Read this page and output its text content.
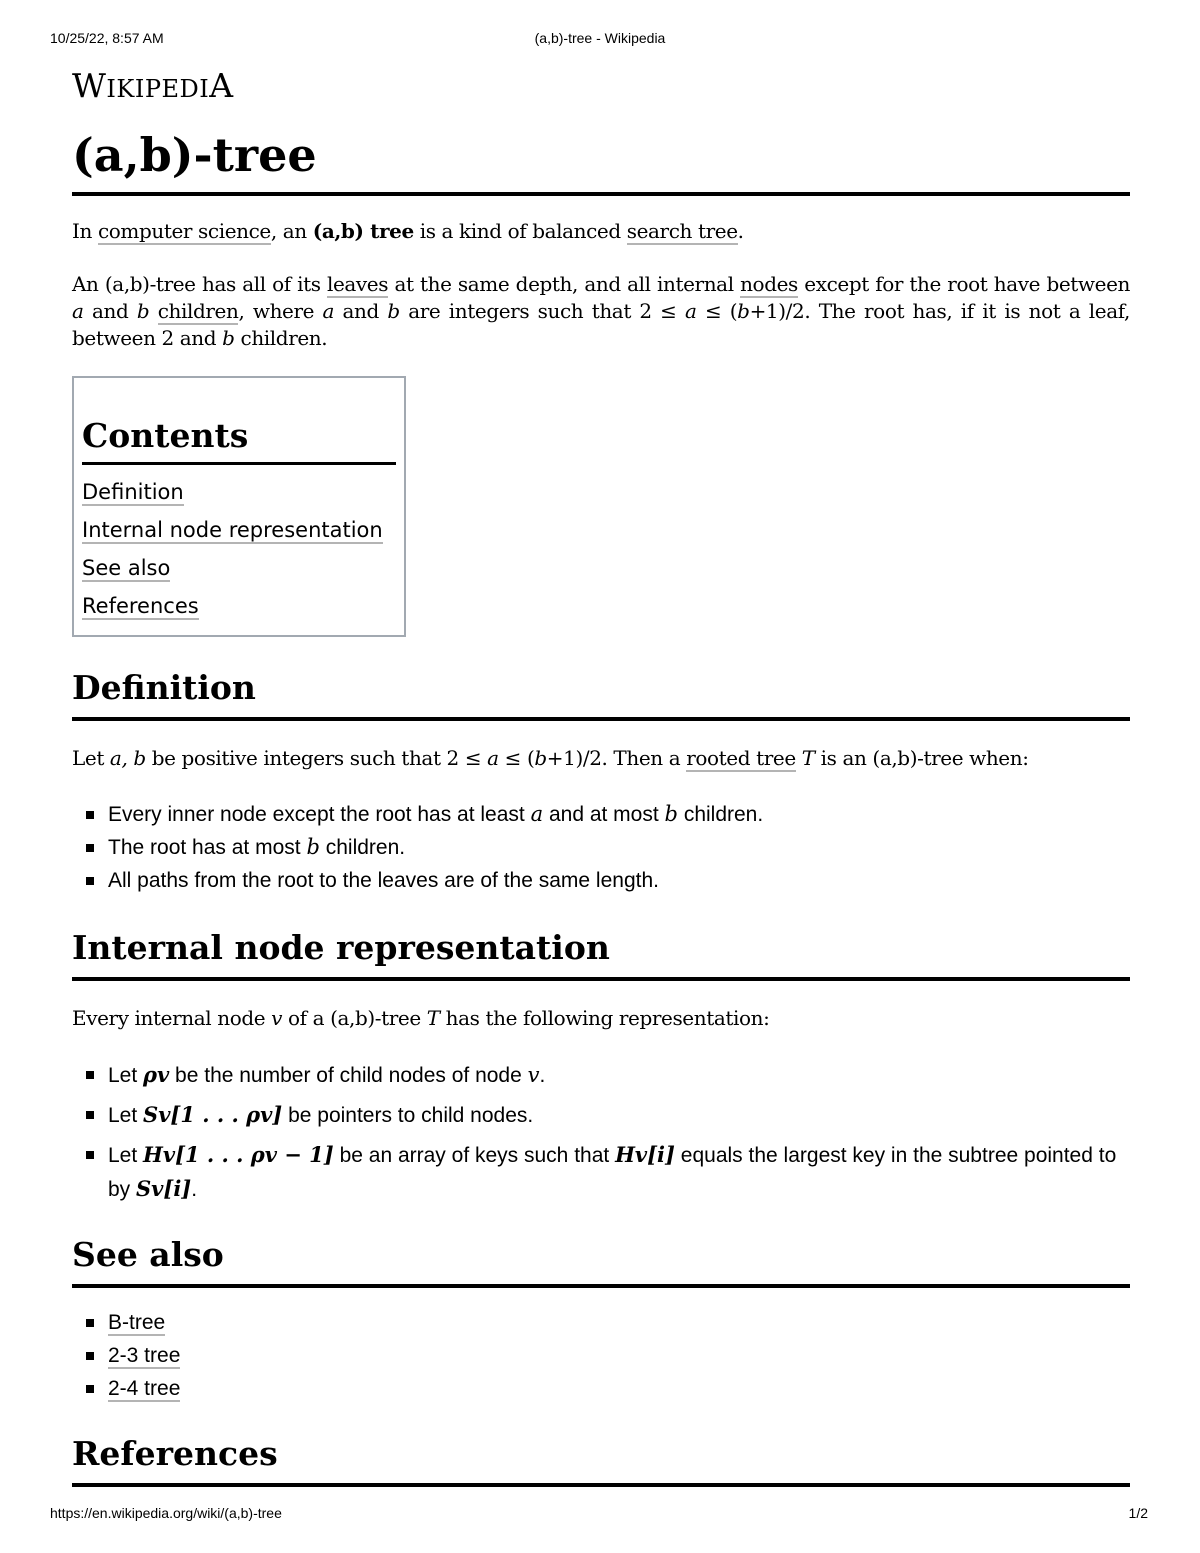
10/25/22, 8:57 AM	(a,b)-tree - Wikipedia
WIKIPEDIA
(a,b)-tree

In computer science, an (a,b) tree is a kind of balanced search tree.

An (a,b)-tree has all of its leaves at the same depth, and all internal nodes except for the root have between a and b children, where a and b are integers such that 2 ≤ a ≤ (b+1)/2. The root has, if it is not a leaf, between 2 and b children.

Contents
Definition
Internal node representation
See also
References
Definition

Let a, b be positive integers such that 2 ≤ a ≤ (b+1)/2. Then a rooted tree T is an (a,b)-tree when:

Every inner node except the root has at least a and at most b children.
The root has at most b children.
All paths from the root to the leaves are of the same length.
Internal node representation

Every internal node v of a (a,b)-tree T has the following representation:

Let ρv be the number of child nodes of node v.
Let Sv[1 . . . ρv] be pointers to child nodes.
Let Hv[1 . . . ρv − 1] be an array of keys such that Hv[i] equals the largest key in the subtree pointed to by Sv[i].
See also
B-tree
2-3 tree
2-4 tree
References
https://en.wikipedia.org/wiki/(a,b)-tree	1/2
